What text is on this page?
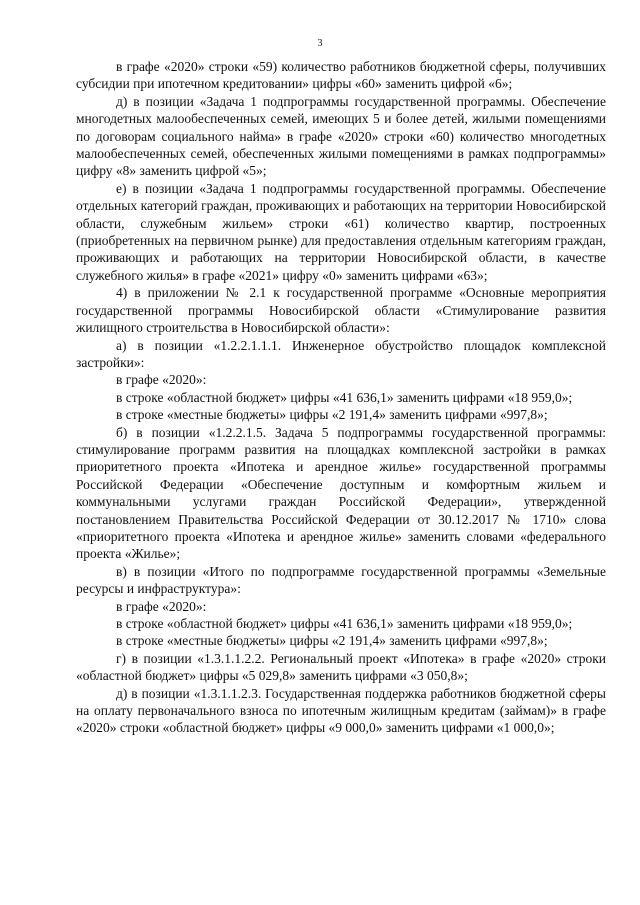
3

в графе «2020» строки «59) количество работников бюджетной сферы, получивших субсидии при ипотечном кредитовании» цифры «60» заменить цифрой «6»;

д) в позиции «Задача 1 подпрограммы государственной программы. Обеспечение многодетных малообеспеченных семей, имеющих 5 и более детей, жилыми помещениями по договорам социального найма» в графе «2020» строки «60) количество многодетных малообеспеченных семей, обеспеченных жилыми помещениями в рамках подпрограммы» цифру «8» заменить цифрой «5»;

е) в позиции «Задача 1 подпрограммы государственной программы. Обеспечение отдельных категорий граждан, проживающих и работающих на территории Новосибирской области, служебным жильем» строки «61) количество квартир, построенных (приобретенных на первичном рынке) для предоставления отдельным категориям граждан, проживающих и работающих на территории Новосибирской области, в качестве служебного жилья» в графе «2021» цифру «0» заменить цифрами «63»;

4) в приложении № 2.1 к государственной программе «Основные мероприятия государственной программы Новосибирской области «Стимулирование развития жилищного строительства в Новосибирской области»:

а) в позиции «1.2.2.1.1.1. Инженерное обустройство площадок комплексной застройки»:

в графе «2020»:

в строке «областной бюджет» цифры «41 636,1» заменить цифрами «18 959,0»;

в строке «местные бюджеты» цифры «2 191,4» заменить цифрами «997,8»;

б) в позиции «1.2.2.1.5. Задача 5 подпрограммы государственной программы: стимулирование программ развития на площадках комплексной застройки в рамках приоритетного проекта «Ипотека и арендное жилье» государственной программы Российской Федерации «Обеспечение доступным и комфортным жильем и коммунальными услугами граждан Российской Федерации», утвержденной постановлением Правительства Российской Федерации от 30.12.2017 № 1710» слова «приоритетного проекта «Ипотека и арендное жилье» заменить словами «федерального проекта «Жилье»;

в) в позиции «Итого по подпрограмме государственной программы «Земельные ресурсы и инфраструктура»:

в графе «2020»:

в строке «областной бюджет» цифры «41 636,1» заменить цифрами «18 959,0»;

в строке «местные бюджеты» цифры «2 191,4» заменить цифрами «997,8»;

г) в позиции «1.3.1.1.2.2. Региональный проект «Ипотека» в графе «2020» строки «областной бюджет» цифры «5 029,8» заменить цифрами «3 050,8»;

д) в позиции «1.3.1.1.2.3. Государственная поддержка работников бюджетной сферы на оплату первоначального взноса по ипотечным жилищным кредитам (займам)» в графе «2020» строки «областной бюджет» цифры «9 000,0» заменить цифрами «1 000,0»;
